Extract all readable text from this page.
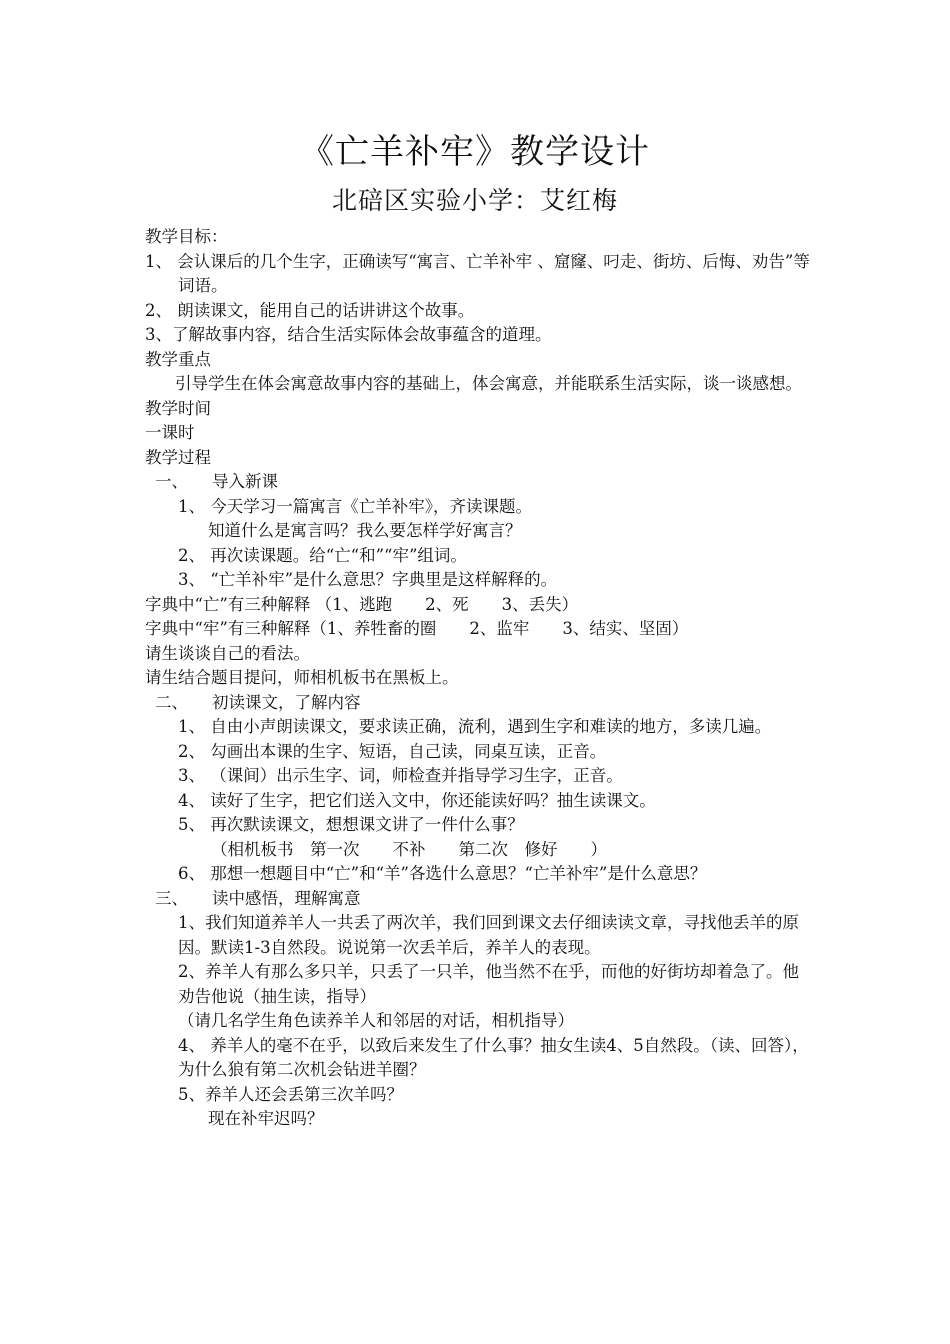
《亡羊补牢》教学设计
北碚区实验小学：艾红梅
教学目标：
1、 会认课后的几个生字，正确读写“寓言、亡羊补牢 、窟窿、叼走、街坊、后悔、劝告”等词语。
2、 朗读课文，能用自己的话讲讲这个故事。
3、了解故事内容，结合生活实际体会故事蕴含的道理。
教学重点
引导学生在体会寓意故事内容的基础上，体会寓意，并能联系生活实际，谈一谈感想。
教学时间
一课时
教学过程
一、 导入新课
1、 今天学习一篇寓言《亡羊补牢》，齐读课题。
知道什么是寓言吗？我么要怎样学好寓言？
2、 再次读课题。给“亡“和”“牢”组词。
3、 “亡羊补牢”是什么意思？字典里是这样解释的。
字典中“亡”有三种解释 （1、逃跑　　2、死　　3、丢失）
字典中“牢”有三种解释（1、养牲畜的圈　　2、监牢　　3、结实、坚固）
请生谈谈自己的看法。
请生结合题目提问，师相机板书在黑板上。
二、 初读课文，了解内容
1、 自由小声朗读课文，要求读正确，流利，遇到生字和难读的地方，多读几遍。
2、 勾画出本课的生字、短语，自己读，同桌互读，正音。
3、 （课间）出示生字、词，师检查并指导学习生字，正音。
4、 读好了生字，把它们送入文中，你还能读好吗？抽生读课文。
5、 再次默读课文，想想课文讲了一件什么事？
（相机板书　第一次　　不补　　第二次　修好　　）
6、 那想一想题目中“亡”和“羊”各选什么意思？“亡羊补牢”是什么意思？
三、 读中感悟，理解寓意
1、我们知道养羊人一共丢了两次羊，我们回到课文去仔细读读文章，寻找他丢羊的原因。默读1-3自然段。说说第一次丢羊后，养羊人的表现。
2、养羊人有那么多只羊，只丢了一只羊，他当然不在乎，而他的好街坊却着急了。他劝告他说（抽生读，指导）
（请几名学生角色读养羊人和邻居的对话，相机指导）
4、 养羊人的毫不在乎，以致后来发生了什么事？抽女生读4、5自然段。（读、回答），为什么狼有第二次机会钻进羊圈？
5、养羊人还会丢第三次羊吗？
现在补牢迟吗？
